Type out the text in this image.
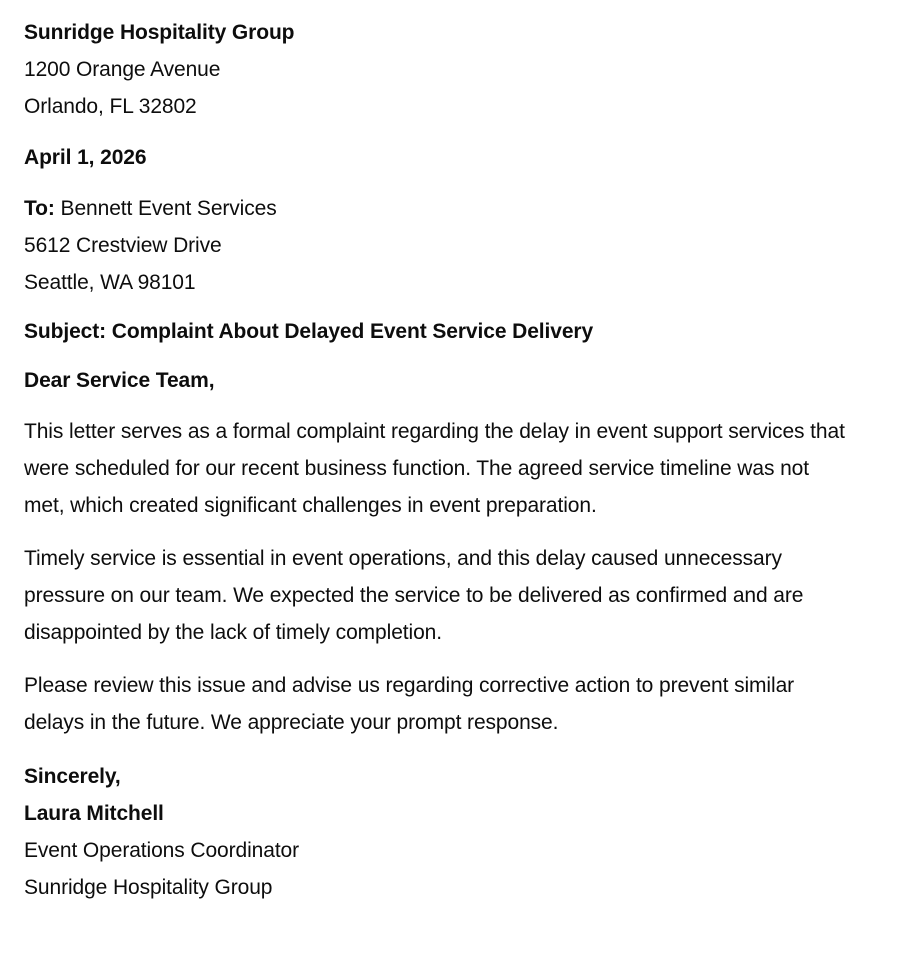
Sunridge Hospitality Group
1200 Orange Avenue
Orlando, FL 32802
April 1, 2026
To: Bennett Event Services
5612 Crestview Drive
Seattle, WA 98101
Subject: Complaint About Delayed Event Service Delivery
Dear Service Team,

This letter serves as a formal complaint regarding the delay in event support services that were scheduled for our recent business function. The agreed service timeline was not met, which created significant challenges in event preparation.

Timely service is essential in event operations, and this delay caused unnecessary pressure on our team. We expected the service to be delivered as confirmed and are disappointed by the lack of timely completion.

Please review this issue and advise us regarding corrective action to prevent similar delays in the future. We appreciate your prompt response.

Sincerely,
Laura Mitchell
Event Operations Coordinator
Sunridge Hospitality Group
